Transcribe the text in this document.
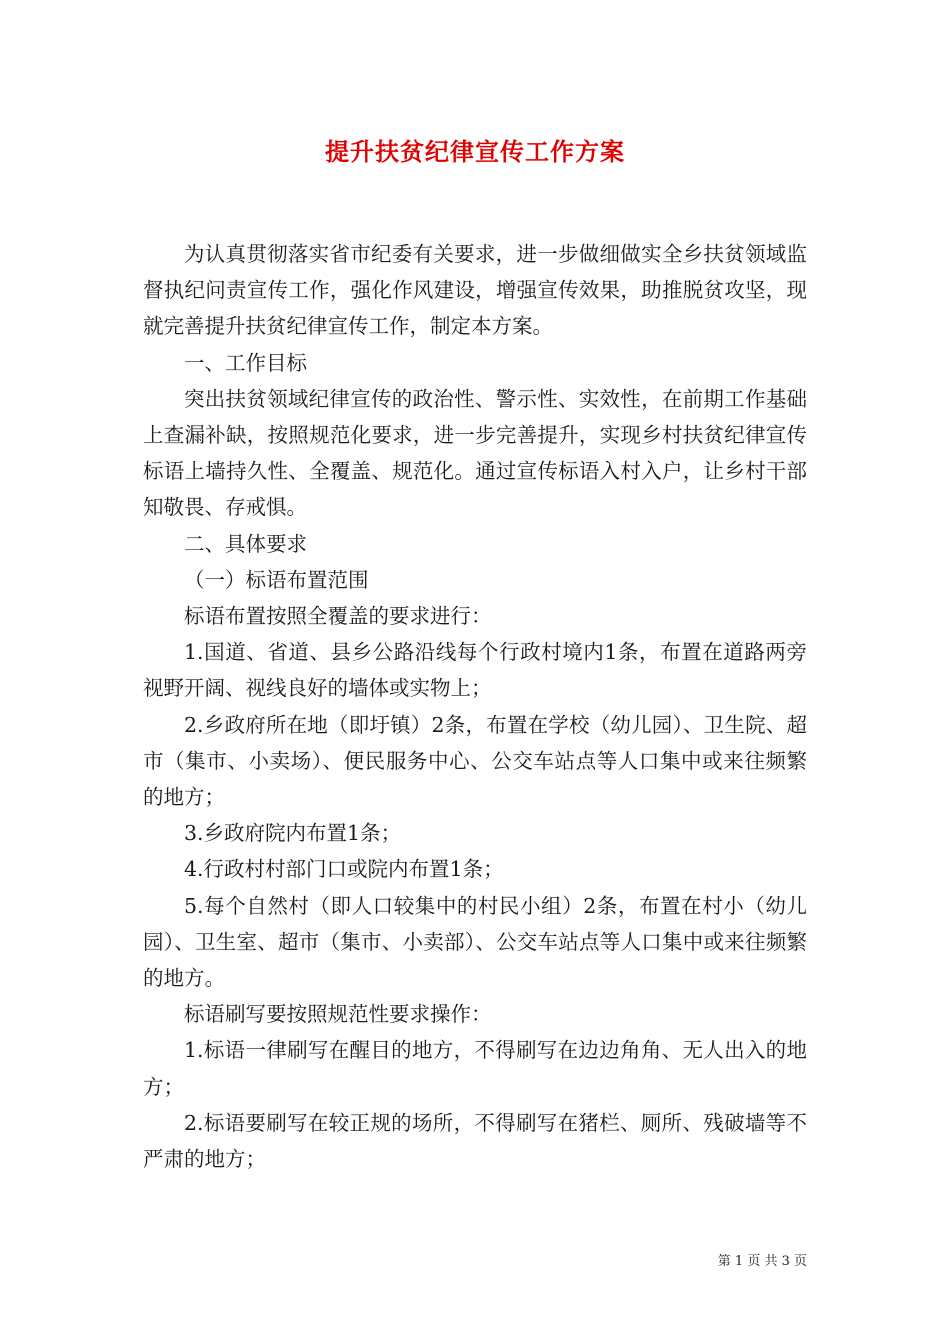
提升扶贫纪律宣传工作方案

为认真贯彻落实省市纪委有关要求，进一步做细做实全乡扶贫领域监督执纪问责宣传工作，强化作风建设，增强宣传效果，助推脱贫攻坚，现就完善提升扶贫纪律宣传工作，制定本方案。

一、工作目标

突出扶贫领域纪律宣传的政治性、警示性、实效性，在前期工作基础上查漏补缺，按照规范化要求，进一步完善提升，实现乡村扶贫纪律宣传标语上墙持久性、全覆盖、规范化。通过宣传标语入村入户，让乡村干部知敬畏、存戒惧。

二、具体要求

（一）标语布置范围

标语布置按照全覆盖的要求进行：

1.国道、省道、县乡公路沿线每个行政村境内1条，布置在道路两旁视野开阔、视线良好的墙体或实物上；

2.乡政府所在地（即圩镇）2条，布置在学校（幼儿园）、卫生院、超市（集市、小卖场）、便民服务中心、公交车站点等人口集中或来往频繁的地方；

3.乡政府院内布置1条；

4.行政村村部门口或院内布置1条；

5.每个自然村（即人口较集中的村民小组）2条，布置在村小（幼儿园）、卫生室、超市（集市、小卖部）、公交车站点等人口集中或来往频繁的地方。

标语刷写要按照规范性要求操作：

1.标语一律刷写在醒目的地方，不得刷写在边边角角、无人出入的地方；

2.标语要刷写在较正规的场所，不得刷写在猪栏、厕所、残破墙等不严肃的地方；

第 1 页 共 3 页
